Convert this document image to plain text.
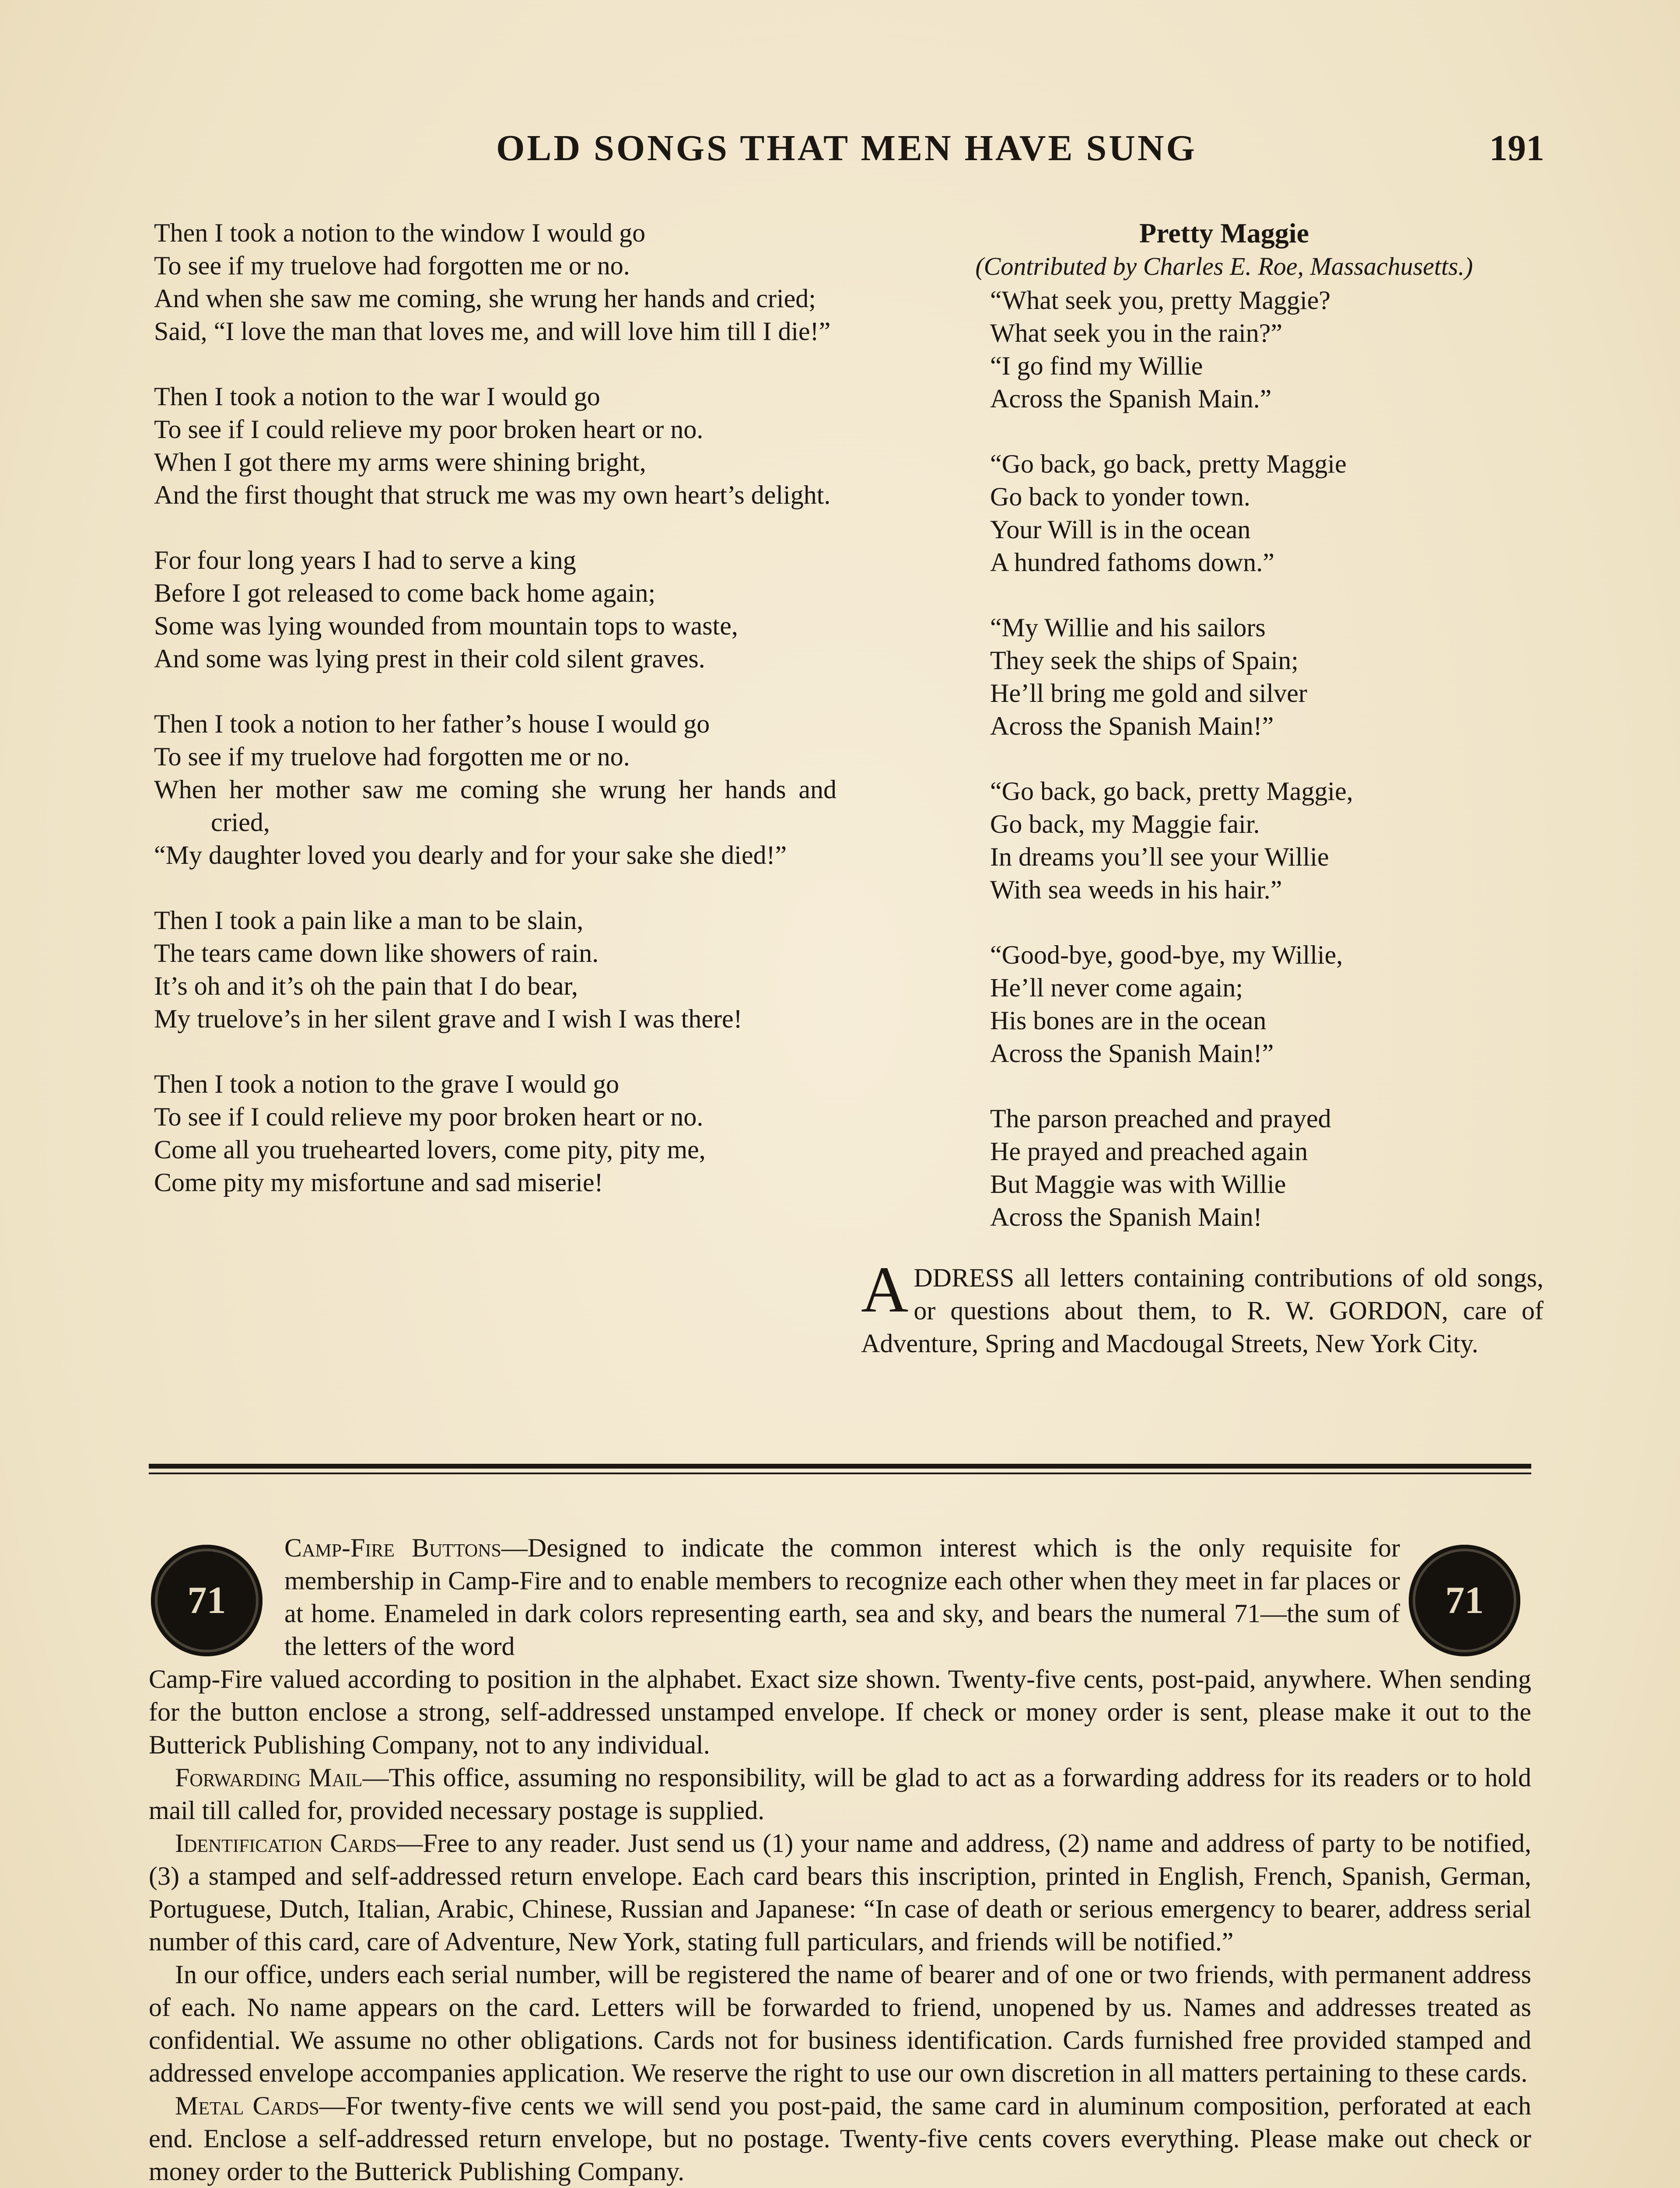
OLD SONGS THAT MEN HAVE SUNG	191
Then I took a notion to the window I would go
To see if my truelove had forgotten me or no.
And when she saw me coming, she wrung her hands and cried;
Said, “I love the man that loves me, and will love him till I die!”
Then I took a notion to the war I would go
To see if I could relieve my poor broken heart or no.
When I got there my arms were shining bright,
And the first thought that struck me was my own heart’s delight.
For four long years I had to serve a king
Before I got released to come back home again;
Some was lying wounded from mountain tops to waste,
And some was lying prest in their cold silent graves.
Then I took a notion to her father’s house I would go
To see if my truelove had forgotten me or no.
When her mother saw me coming she wrung her hands and cried,
“My daughter loved you dearly and for your sake she died!”
Then I took a pain like a man to be slain,
The tears came down like showers of rain.
It’s oh and it’s oh the pain that I do bear,
My truelove’s in her silent grave and I wish I was there!
Then I took a notion to the grave I would go
To see if I could relieve my poor broken heart or no.
Come all you truehearted lovers, come pity, pity me,
Come pity my misfortune and sad miserie!
Pretty Maggie
(Contributed by Charles E. Roe, Massachusetts.)
“What seek you, pretty Maggie?
What seek you in the rain?”
“I go find my Willie
Across the Spanish Main.”
“Go back, go back, pretty Maggie
Go back to yonder town.
Your Will is in the ocean
A hundred fathoms down.”
“My Willie and his sailors
They seek the ships of Spain;
He’ll bring me gold and silver
Across the Spanish Main!”
“Go back, go back, pretty Maggie,
Go back, my Maggie fair.
In dreams you’ll see your Willie
With sea weeds in his hair.”
“Good-bye, good-bye, my Willie,
He’ll never come again;
His bones are in the ocean
Across the Spanish Main!”
The parson preached and prayed
He prayed and preached again
But Maggie was with Willie
Across the Spanish Main!
ADDRESS all letters containing contributions of old songs, or questions about them, to R. W. GORDON, care of Adventure, Spring and Macdougal Streets, New York City.
71	71

Camp-Fire Buttons—Designed to indicate the common interest which is the only requisite for membership in Camp-Fire and to enable members to recognize each other when they meet in far places or at home. Enameled in dark colors representing earth, sea and sky, and bears the numeral 71—the sum of the letters of the word

Camp-Fire valued according to position in the alphabet. Exact size shown. Twenty-five cents, post-paid, anywhere. When sending for the button enclose a strong, self-addressed unstamped envelope. If check or money order is sent, please make it out to the Butterick Publishing Company, not to any individual.

Forwarding Mail—This office, assuming no responsibility, will be glad to act as a forwarding address for its readers or to hold mail till called for, provided necessary postage is supplied.

Identification Cards—Free to any reader. Just send us (1) your name and address, (2) name and address of party to be notified, (3) a stamped and self-addressed return envelope. Each card bears this inscription, printed in English, French, Spanish, German, Portuguese, Dutch, Italian, Arabic, Chinese, Russian and Japanese: “In case of death or serious emergency to bearer, address serial number of this card, care of Adventure, New York, stating full particulars, and friends will be notified.”

In our office, unders each serial number, will be registered the name of bearer and of one or two friends, with permanent address of each. No name appears on the card. Letters will be forwarded to friend, unopened by us. Names and addresses treated as confidential. We assume no other obligations. Cards not for business identification. Cards furnished free provided stamped and addressed envelope accompanies application. We reserve the right to use our own discretion in all matters pertaining to these cards.

Metal Cards—For twenty-five cents we will send you post-paid, the same card in aluminum composition, perforated at each end. Enclose a self-addressed return envelope, but no postage. Twenty-five cents covers everything. Please make out check or money order to the Butterick Publishing Company.
